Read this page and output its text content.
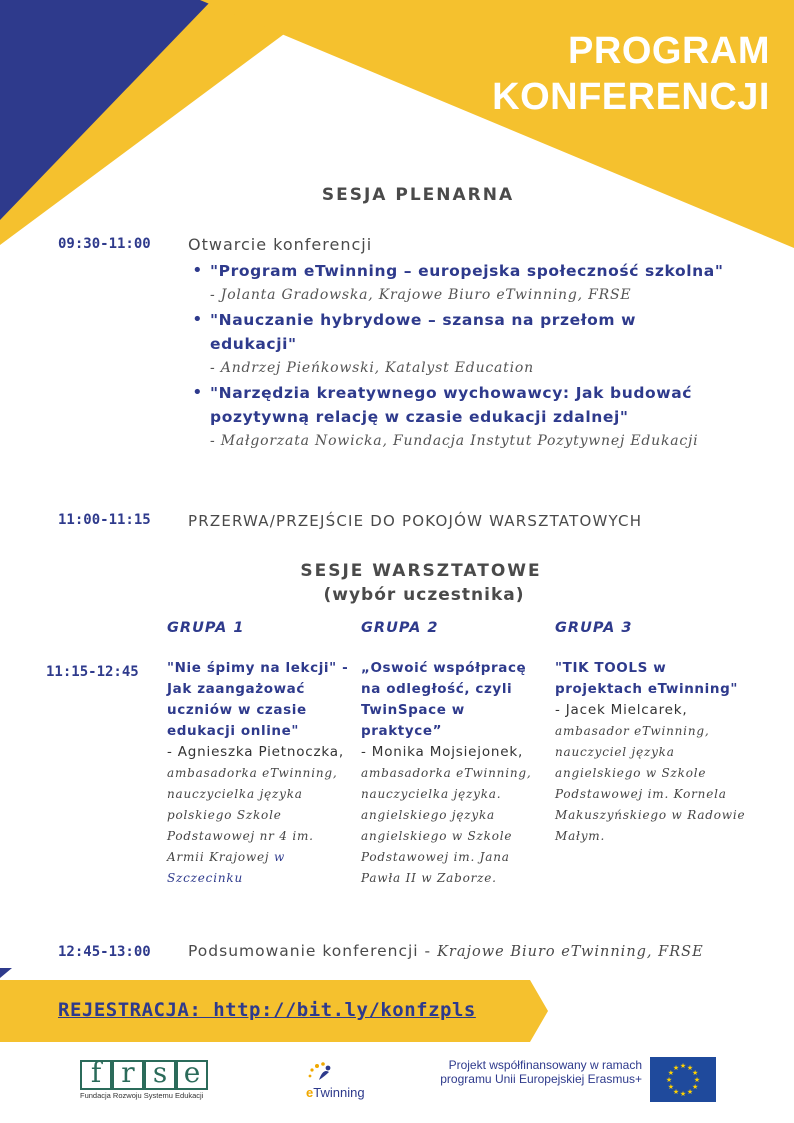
PROGRAM
KONFERENCJI
SESJA PLENARNA
09:30-11:00 Otwarcie konferencji
• "Program eTwinning – europejska społeczność szkolna"
- Jolanta Gradowska, Krajowe Biuro eTwinning, FRSE
• "Nauczanie hybrydowe – szansa na przełom w edukacji"
- Andrzej Pieńkowski, Katalyst Education
• "Narzędzia kreatywnego wychowawcy: Jak budować pozytywną relację w czasie edukacji zdalnej"
- Małgorzata Nowicka, Fundacja Instytut Pozytywnej Edukacji
11:00-11:15 PRZERWA/PRZEJŚCIE DO POKOJÓW WARSZTATOWYCH
SESJE WARSZTATOWE
(wybór uczestnika)
GRUPA 1	GRUPA 2	GRUPA 3
11:15-12:45 "Nie śpimy na lekcji" - Jak zaangażować uczniów w czasie edukacji online"
- Agnieszka Pietnoczka,
ambasadorka eTwinning, nauczycielka języka polskiego Szkole Podstawowej nr 4 im. Armii Krajowej w Szczecinku
„Oswoić współpracę na odległość, czyli TwinSpace w praktyce”
- Monika Mojsiejonek,
ambasadorka eTwinning, nauczycielka języka. angielskiego języka angielskiego w Szkole Podstawowej im. Jana Pawła II w Zaborze.
"TIK TOOLS w projektach eTwinning"
- Jacek Mielcarek,
ambasador eTwinning, nauczyciel języka angielskiego w Szkole Podstawowej im. Kornela Makuszyńskiego w Radowie Małym.
12:45-13:00 Podsumowanie konferencji - Krajowe Biuro eTwinning, FRSE
REJESTRACJA: http://bit.ly/konfzpls
f r s e
Fundacja Rozwoju Systemu Edukacji	eTwinning
Projekt współfinansowany w ramach programu Unii Europejskiej Erasmus+	★
★
★
★
★
★
★
★
★ ★ ★
★
